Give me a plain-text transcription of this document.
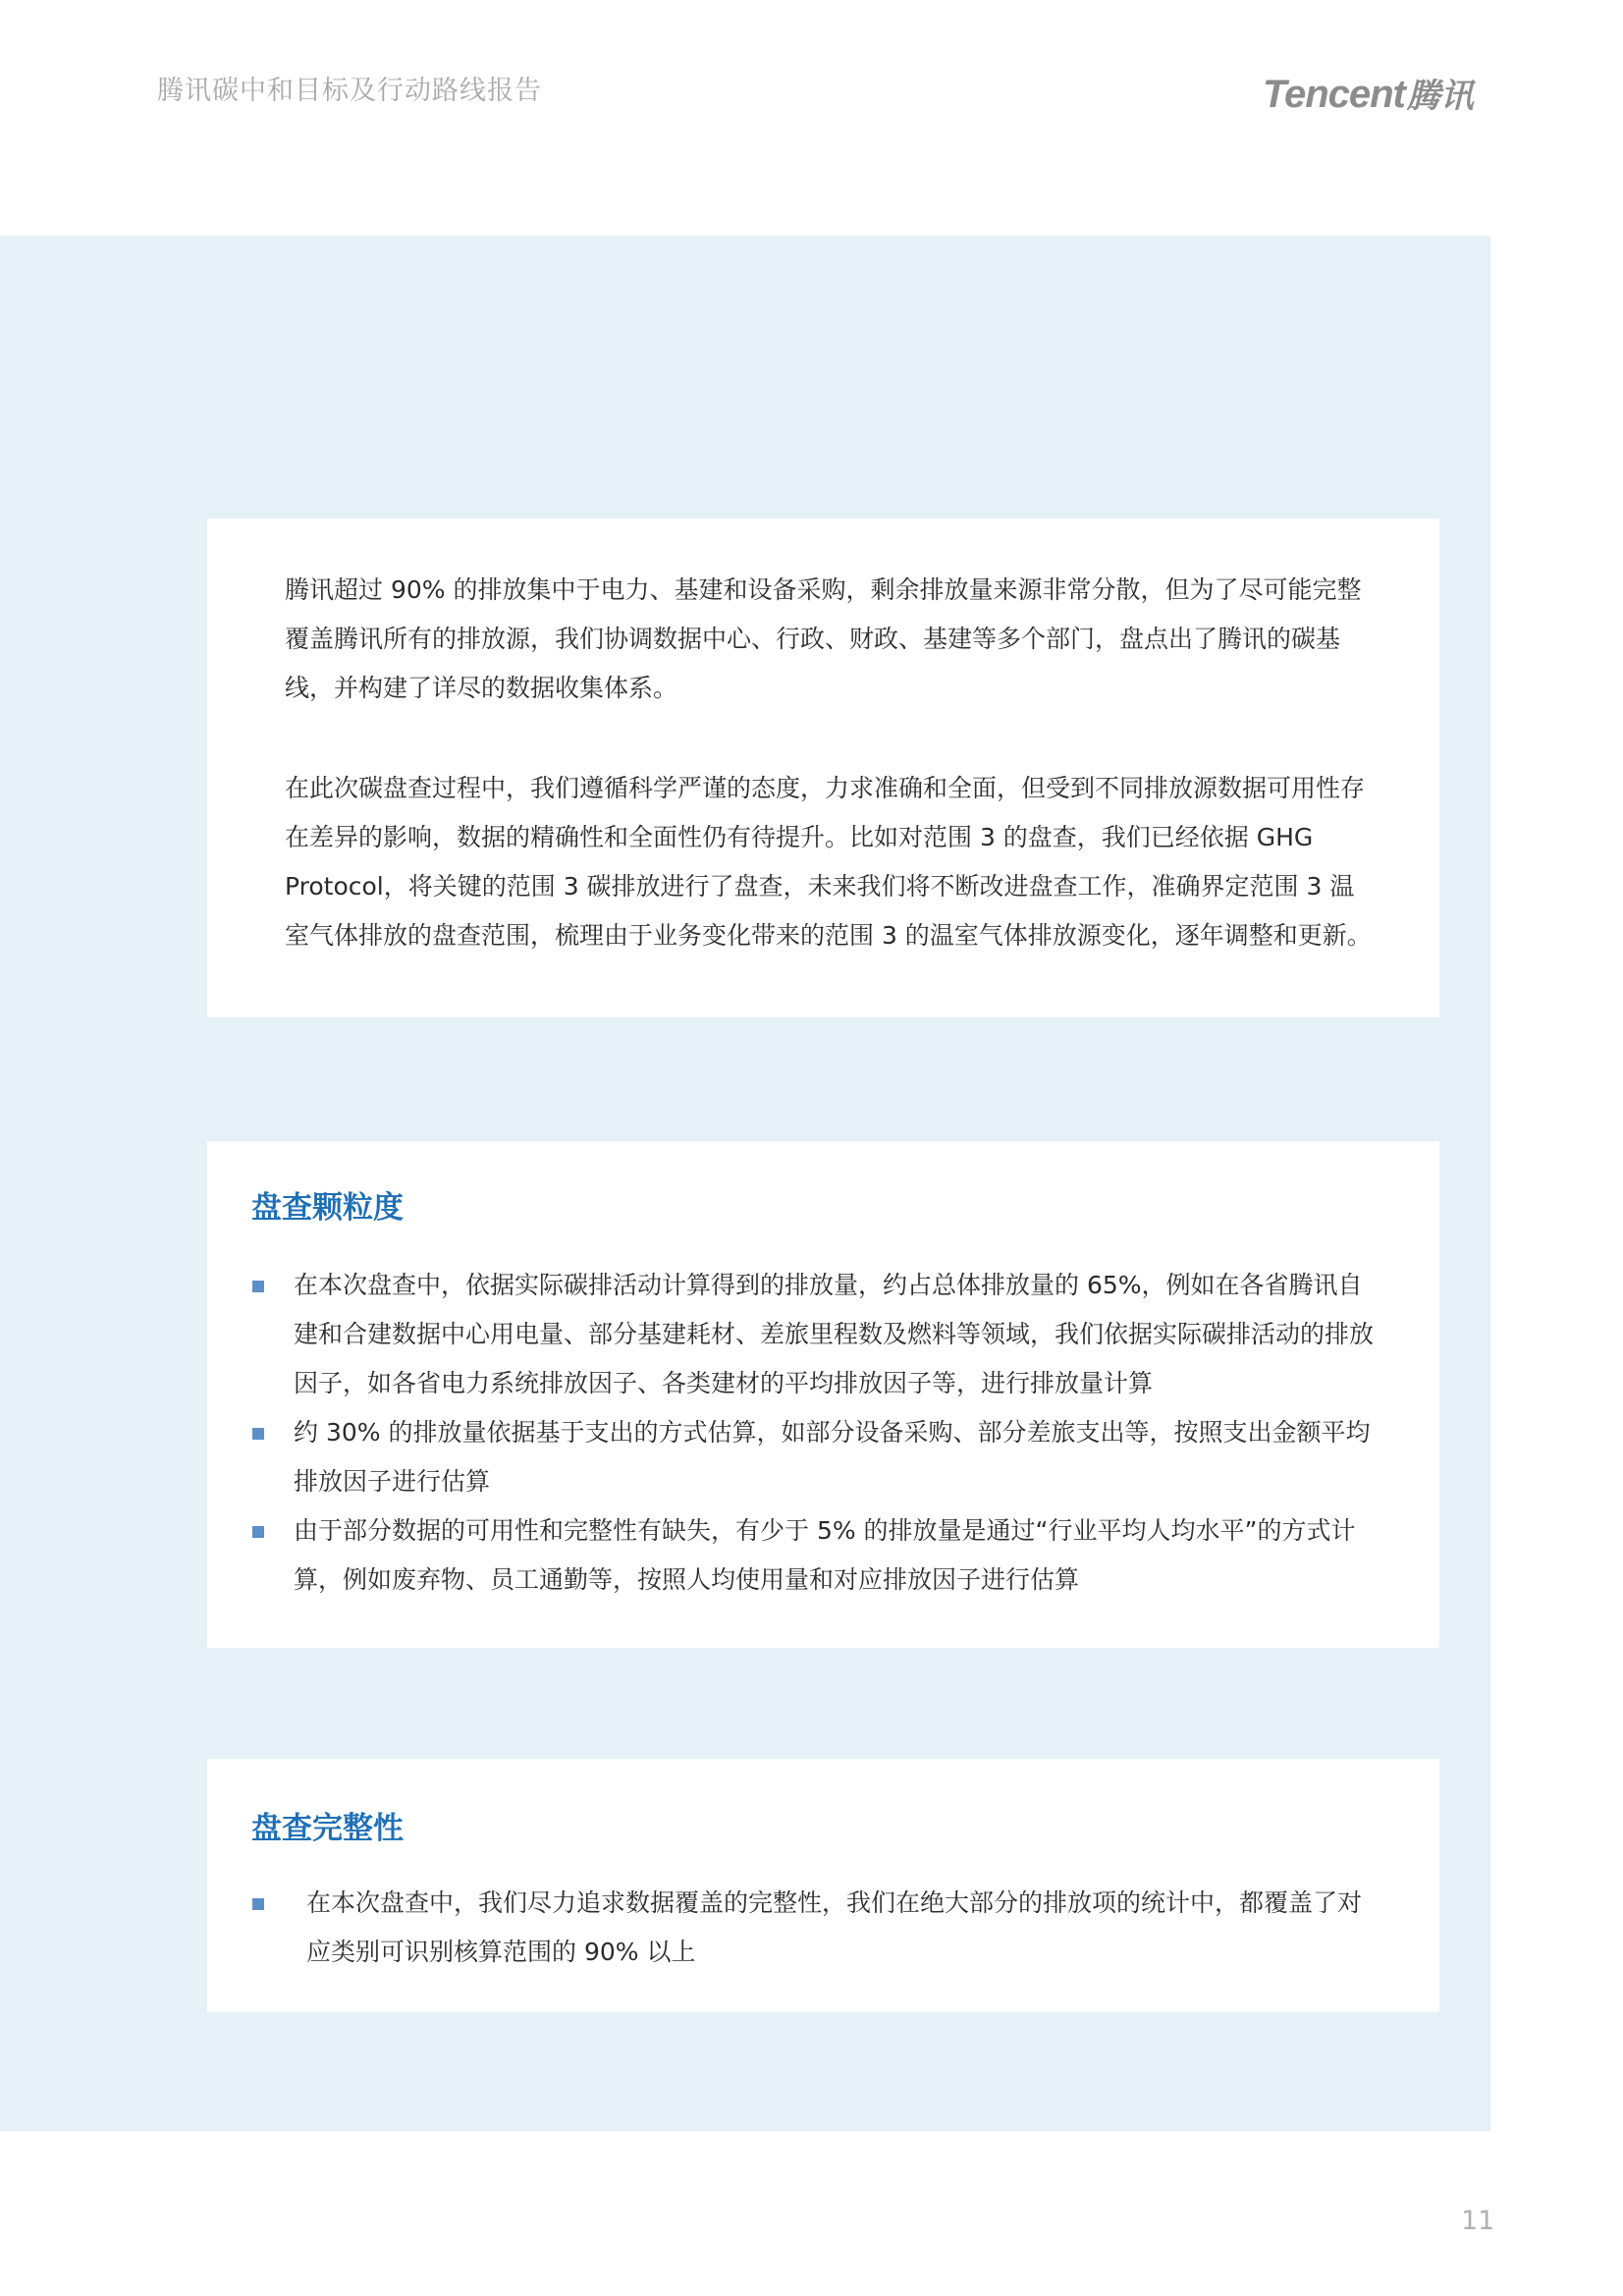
腾讯碳中和目标及行动路线报告	Tencent 腾讯

腾讯超过 90% 的排放集中于电力、基建和设备采购，剩余排放量来源非常分散，但为了尽可能完整覆盖腾讯所有的排放源，我们协调数据中心、行政、财政、基建等多个部门，盘点出了腾讯的碳基线，并构建了详尽的数据收集体系。

在此次碳盘查过程中，我们遵循科学严谨的态度，力求准确和全面，但受到不同排放源数据可用性存在差异的影响，数据的精确性和全面性仍有待提升。比如对范围 3 的盘查，我们已经依据 GHG Protocol，将关键的范围 3 碳排放进行了盘查，未来我们将不断改进盘查工作，准确界定范围 3 温室气体排放的盘查范围，梳理由于业务变化带来的范围 3 的温室气体排放源变化，逐年调整和更新。

盘查颗粒度
在本次盘查中，依据实际碳排活动计算得到的排放量，约占总体排放量的 65%，例如在各省腾讯自建和合建数据中心用电量、部分基建耗材、差旅里程数及燃料等领域，我们依据实际碳排活动的排放因子，如各省电力系统排放因子、各类建材的平均排放因子等，进行排放量计算
约 30% 的排放量依据基于支出的方式估算，如部分设备采购、部分差旅支出等，按照支出金额平均排放因子进行估算
由于部分数据的可用性和完整性有缺失，有少于 5% 的排放量是通过“行业平均人均水平”的方式计算，例如废弃物、员工通勤等，按照人均使用量和对应排放因子进行估算
盘查完整性
在本次盘查中，我们尽力追求数据覆盖的完整性，我们在绝大部分的排放项的统计中，都覆盖了对应类别可识别核算范围的 90% 以上
11
